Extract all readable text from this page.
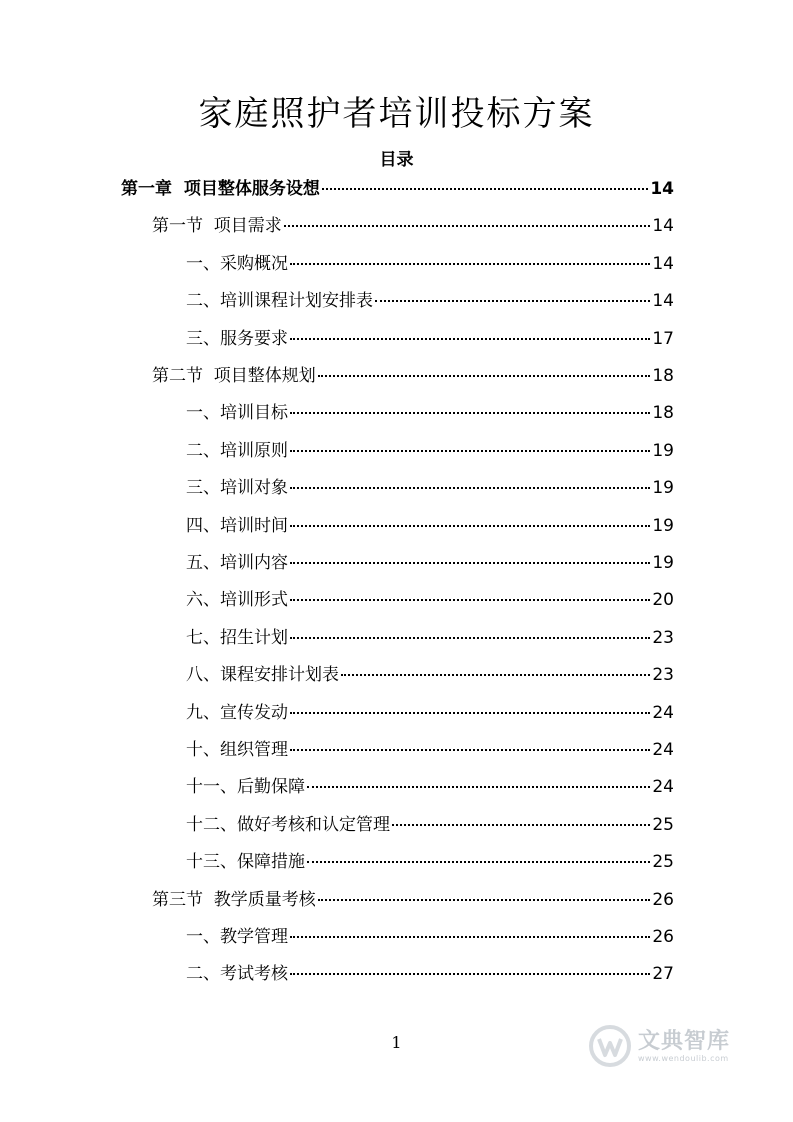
家庭照护者培训投标方案
目录
第一章  项目整体服务设想	14
第一节  项目需求	14
一、采购概况	14
二、培训课程计划安排表	14
三、服务要求	17
第二节  项目整体规划	18
一、培训目标	18
二、培训原则	19
三、培训对象	19
四、培训时间	19
五、培训内容	19
六、培训形式	20
七、招生计划	23
八、课程安排计划表	23
九、宣传发动	24
十、组织管理	24
十一、后勤保障	24
十二、做好考核和认定管理	25
十三、保障措施	25
第三节  教学质量考核	26
一、教学管理	26
二、考试考核	27
1	文典智库
www.wendoulib.com
